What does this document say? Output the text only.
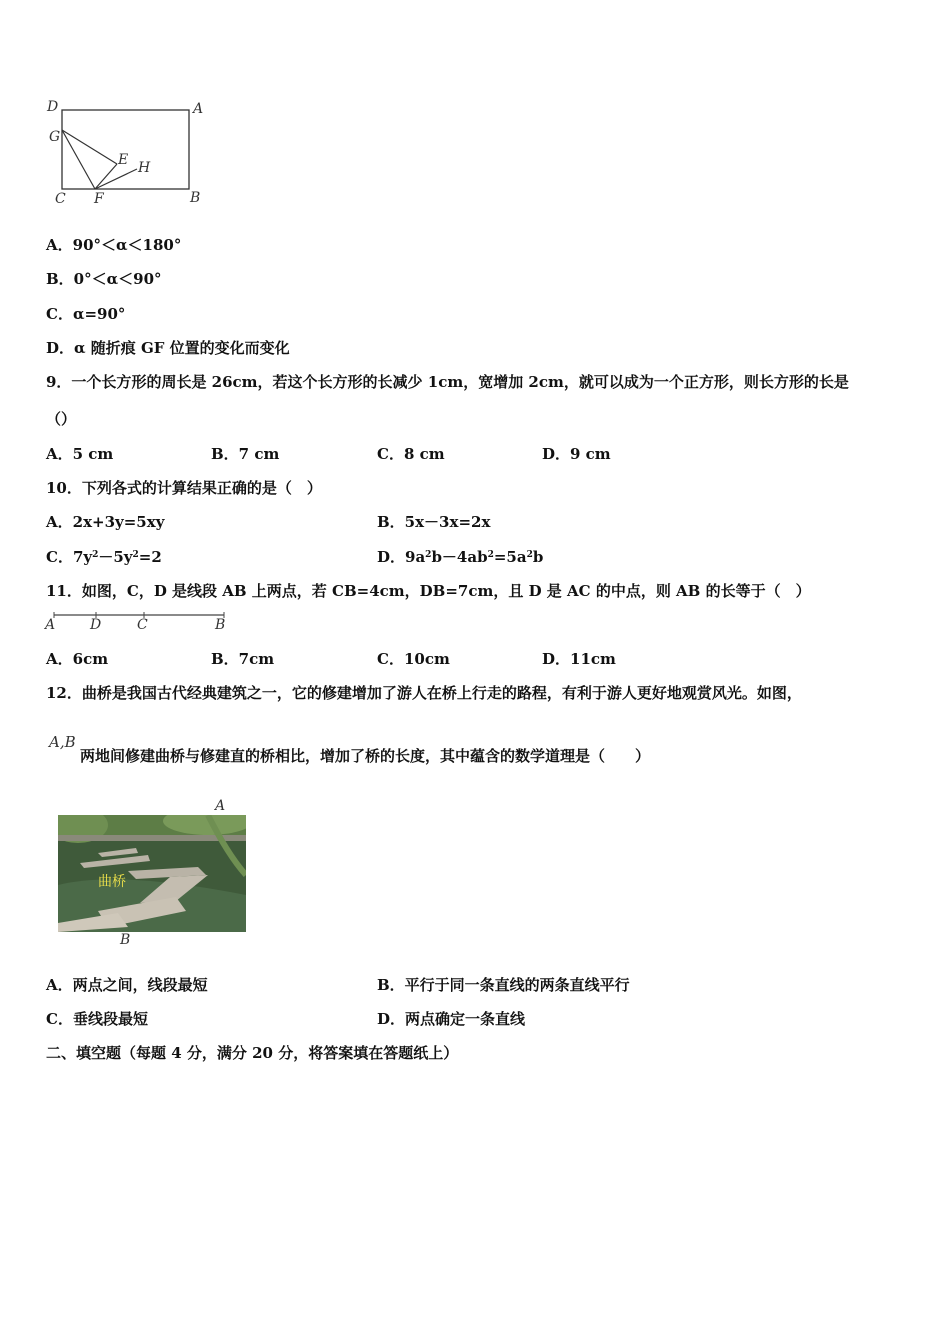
D	A
G
E H
C F	B
A．90°＜α＜180°
B．0°＜α＜90°
C．α=90°
D．α 随折痕 GF 位置的变化而变化
9．一个长方形的周长是 26cm，若这个长方形的长减少 1cm，宽增加 2cm，就可以成为一个正方形，则长方形的长是
（）
A．5 cm	B．7 cm	C．8 cm	D．9 cm
10．下列各式的计算结果正确的是（　）
A．2x+3y=5xy	B．5x－3x=2x
C．$7y^2-5y^2=2$	D．$9a^2b-4ab^2=5a^2b$
11．如图，C，D 是线段 AB 上两点，若 CB=4cm，DB=7cm，且 D 是 AC 的中点，则 AB 的长等于（　）
A D	C	B
A．6cm	B．7cm	C．10cm	D．11cm
12．曲桥是我国古代经典建筑之一，它的修建增加了游人在桥上行走的路程，有利于游人更好地观赏风光。如图，
A,B
两地间修建曲桥与修建直的桥相比，增加了桥的长度，其中蕴含的数学道理是（　　）
A
曲桥
B
A．两点之间，线段最短	B．平行于同一条直线的两条直线平行
C．垂线段最短	D．两点确定一条直线
二、填空题（每题 4 分，满分 20 分，将答案填在答题纸上）
